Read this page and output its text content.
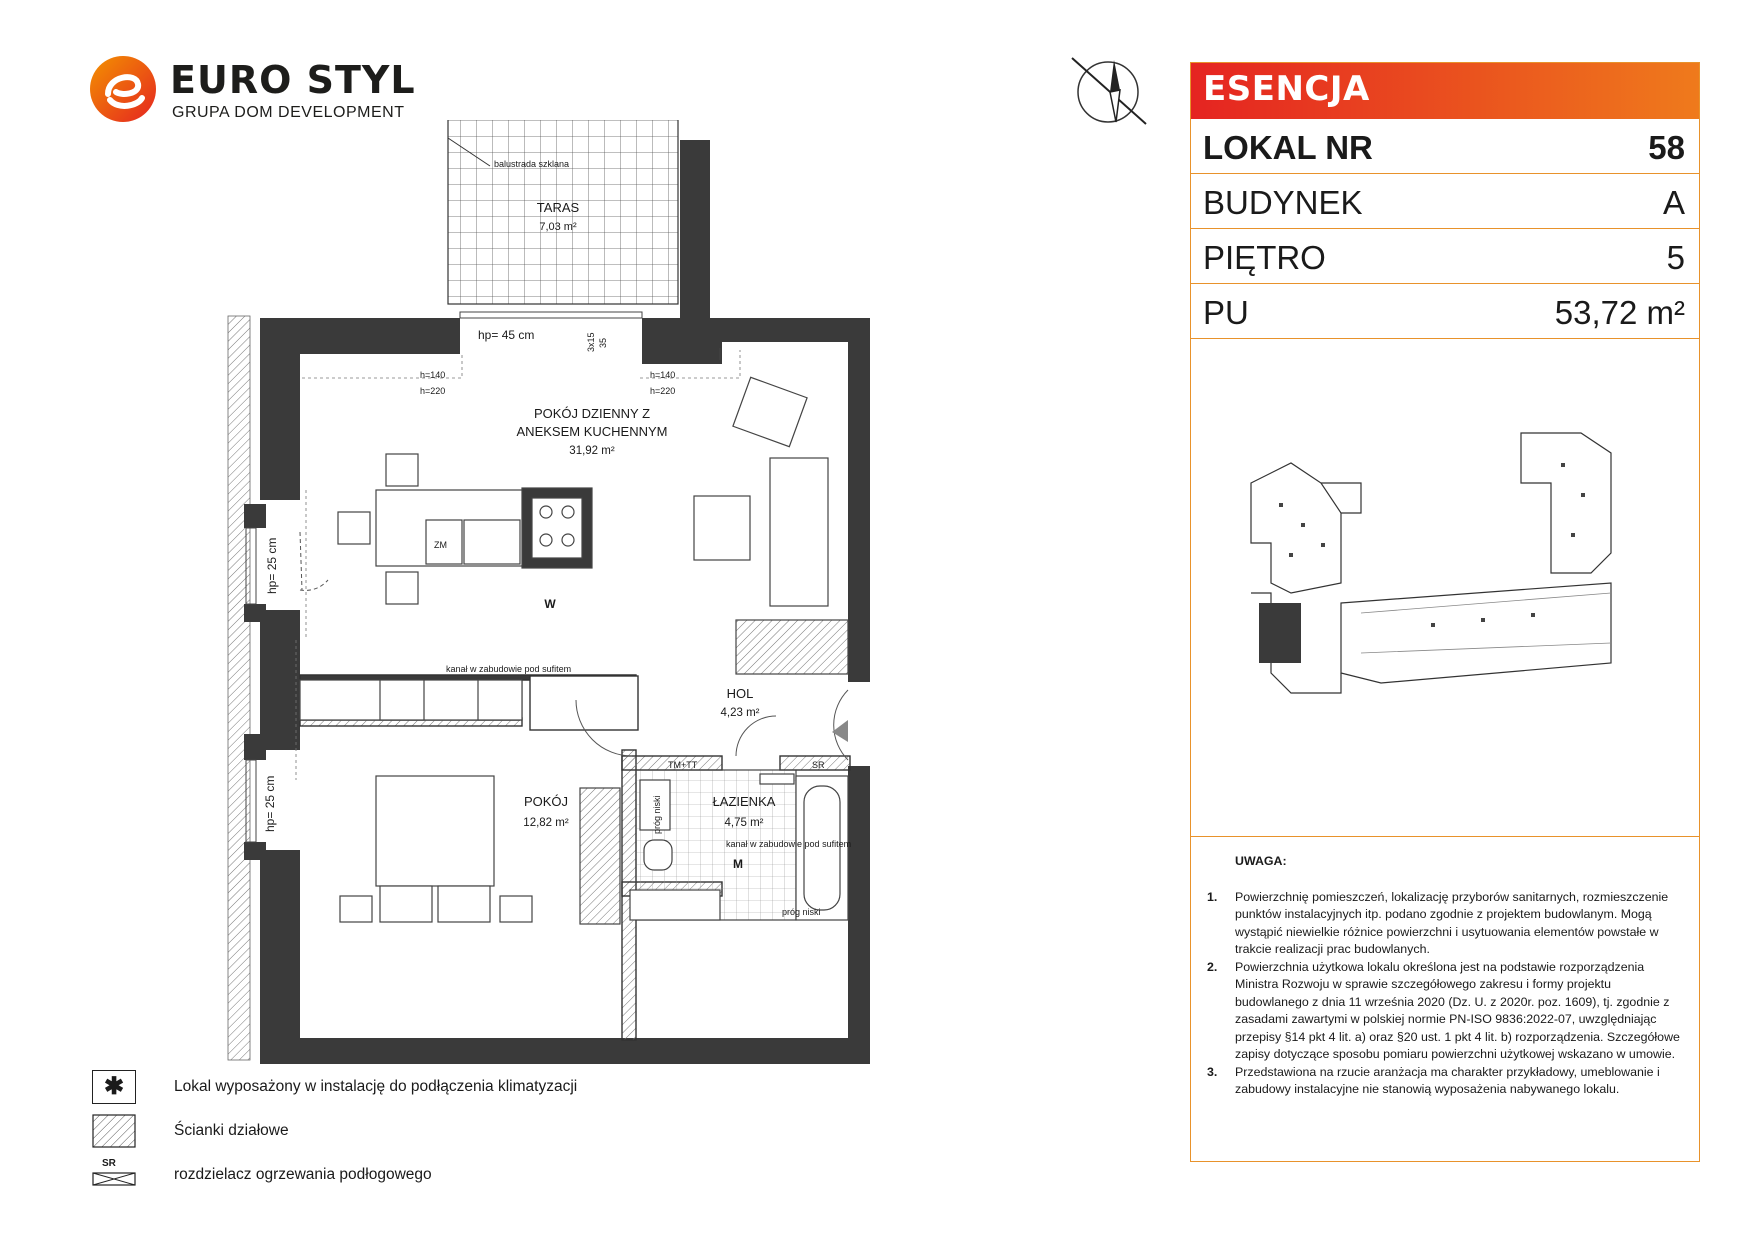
EURO STYL
GRUPA DOM DEVELOPMENT
balustrada szklana
TARAS
7,03 m²
hp= 45 cm	3x15 35
h=140
h=220
h=140
h=220
POKÓJ DZIENNY Z
ANEKSEM KUCHENNYM
31,92 m²
ZM
W
hp= 25 cm
hp= 25 cm
kanał w zabudowie pod sufitem
HOL
4,23 m²
POKÓJ
12,82 m²
TM+TT	SR
ŁAZIENKA
4,75 m²
kanał w zabudowie pod sufitem
M
próg niski
próg niski
✱	Lokal wyposażony w instalację do podłączenia klimatyzacji
Ścianki działowe
SR
rozdzielacz ogrzewania podłogowego
ESENCJA
LOKAL NR	58
BUDYNEK	A
PIĘTRO	5
PU	53,72 m²
UWAGA:
1.	Powierzchnię pomieszczeń, lokalizację przyborów sanitarnych, rozmieszczenie punktów instalacyjnych itp. podano zgodnie z projektem budowlanym. Mogą wystąpić niewielkie różnice powierzchni i usytuowania elementów powstałe w trakcie realizacji prac budowlanych.
2.	Powierzchnia użytkowa lokalu określona jest na podstawie rozporządzenia Ministra Rozwoju w sprawie szczegółowego zakresu i formy projektu budowlanego z dnia 11 września 2020 (Dz. U. z 2020r. poz. 1609), tj. zgodnie z zasadami zawartymi w polskiej normie PN-ISO 9836:2022-07, uwzględniając przepisy §14 pkt 4 lit. a) oraz §20 ust. 1 pkt 4 lit. b) rozporządzenia. Szczegółowe zapisy dotyczące sposobu pomiaru powierzchni użytkowej wskazano w umowie.
3.	Przedstawiona na rzucie aranżacja ma charakter przykładowy, umeblowanie i zabudowy instalacyjne nie stanowią wyposażenia nabywanego lokalu.
